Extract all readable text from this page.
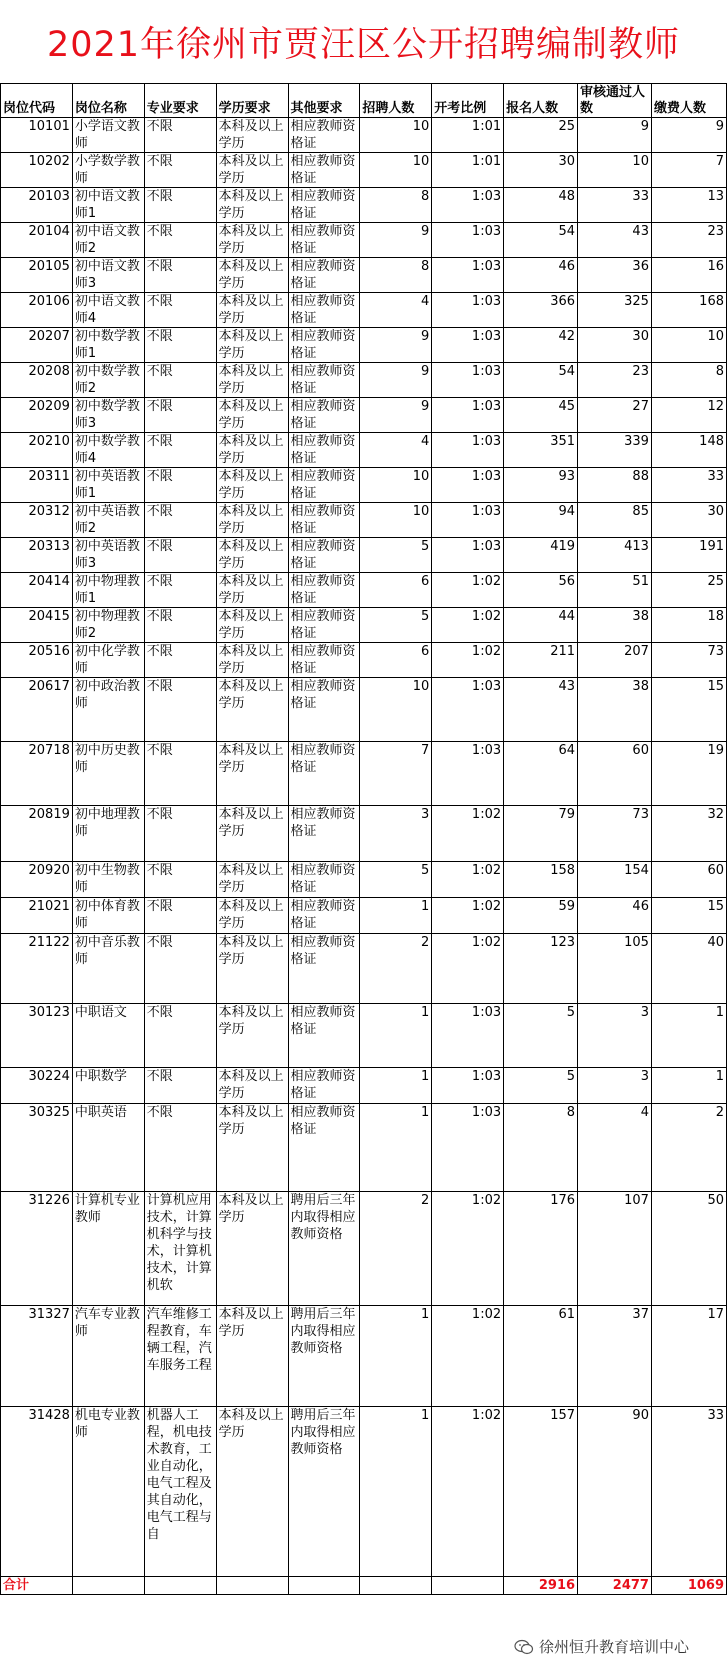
2021年徐州市贾汪区公开招聘编制教师
岗位代码	岗位名称	专业要求	学历要求	其他要求	招聘人数	开考比例	报名人数	审核通过人数	缴费人数
10101	小学语文教师	不限	本科及以上学历	相应教师资格证	10	1:01	25	9	9
10202	小学数学教师	不限	本科及以上学历	相应教师资格证	10	1:01	30	10	7
20103	初中语文教师1	不限	本科及以上学历	相应教师资格证	8	1:03	48	33	13
20104	初中语文教师2	不限	本科及以上学历	相应教师资格证	9	1:03	54	43	23
20105	初中语文教师3	不限	本科及以上学历	相应教师资格证	8	1:03	46	36	16
20106	初中语文教师4	不限	本科及以上学历	相应教师资格证	4	1:03	366	325	168
20207	初中数学教师1	不限	本科及以上学历	相应教师资格证	9	1:03	42	30	10
20208	初中数学教师2	不限	本科及以上学历	相应教师资格证	9	1:03	54	23	8
20209	初中数学教师3	不限	本科及以上学历	相应教师资格证	9	1:03	45	27	12
20210	初中数学教师4	不限	本科及以上学历	相应教师资格证	4	1:03	351	339	148
20311	初中英语教师1	不限	本科及以上学历	相应教师资格证	10	1:03	93	88	33
20312	初中英语教师2	不限	本科及以上学历	相应教师资格证	10	1:03	94	85	30
20313	初中英语教师3	不限	本科及以上学历	相应教师资格证	5	1:03	419	413	191
20414	初中物理教师1	不限	本科及以上学历	相应教师资格证	6	1:02	56	51	25
20415	初中物理教师2	不限	本科及以上学历	相应教师资格证	5	1:02	44	38	18
20516	初中化学教师	不限	本科及以上学历	相应教师资格证	6	1:02	211	207	73
20617	初中政治教师	不限	本科及以上学历	相应教师资格证	10	1:03	43	38	15
20718	初中历史教师	不限	本科及以上学历	相应教师资格证	7	1:03	64	60	19
20819	初中地理教师	不限	本科及以上学历	相应教师资格证	3	1:02	79	73	32
20920	初中生物教师	不限	本科及以上学历	相应教师资格证	5	1:02	158	154	60
21021	初中体育教师	不限	本科及以上学历	相应教师资格证	1	1:02	59	46	15
21122	初中音乐教师	不限	本科及以上学历	相应教师资格证	2	1:02	123	105	40
30123	中职语文	不限	本科及以上学历	相应教师资格证	1	1:03	5	3	1
30224	中职数学	不限	本科及以上学历	相应教师资格证	1	1:03	5	3	1
30325	中职英语	不限	本科及以上学历	相应教师资格证	1	1:03	8	4	2
31226	计算机专业教师	计算机应用技术，计算机科学与技术，计算机技术，计算机软	本科及以上学历	聘用后三年内取得相应教师资格	2	1:02	176	107	50
31327	汽车专业教师	汽车维修工程教育，车辆工程，汽车服务工程	本科及以上学历	聘用后三年内取得相应教师资格	1	1:02	61	37	17
31428	机电专业教师	机器人工程，机电技术教育，工业自动化，电气工程及其自动化，电气工程与自	本科及以上学历	聘用后三年内取得相应教师资格	1	1:02	157	90	33
合计							2916	2477	1069
徐州恒升教育培训中心
